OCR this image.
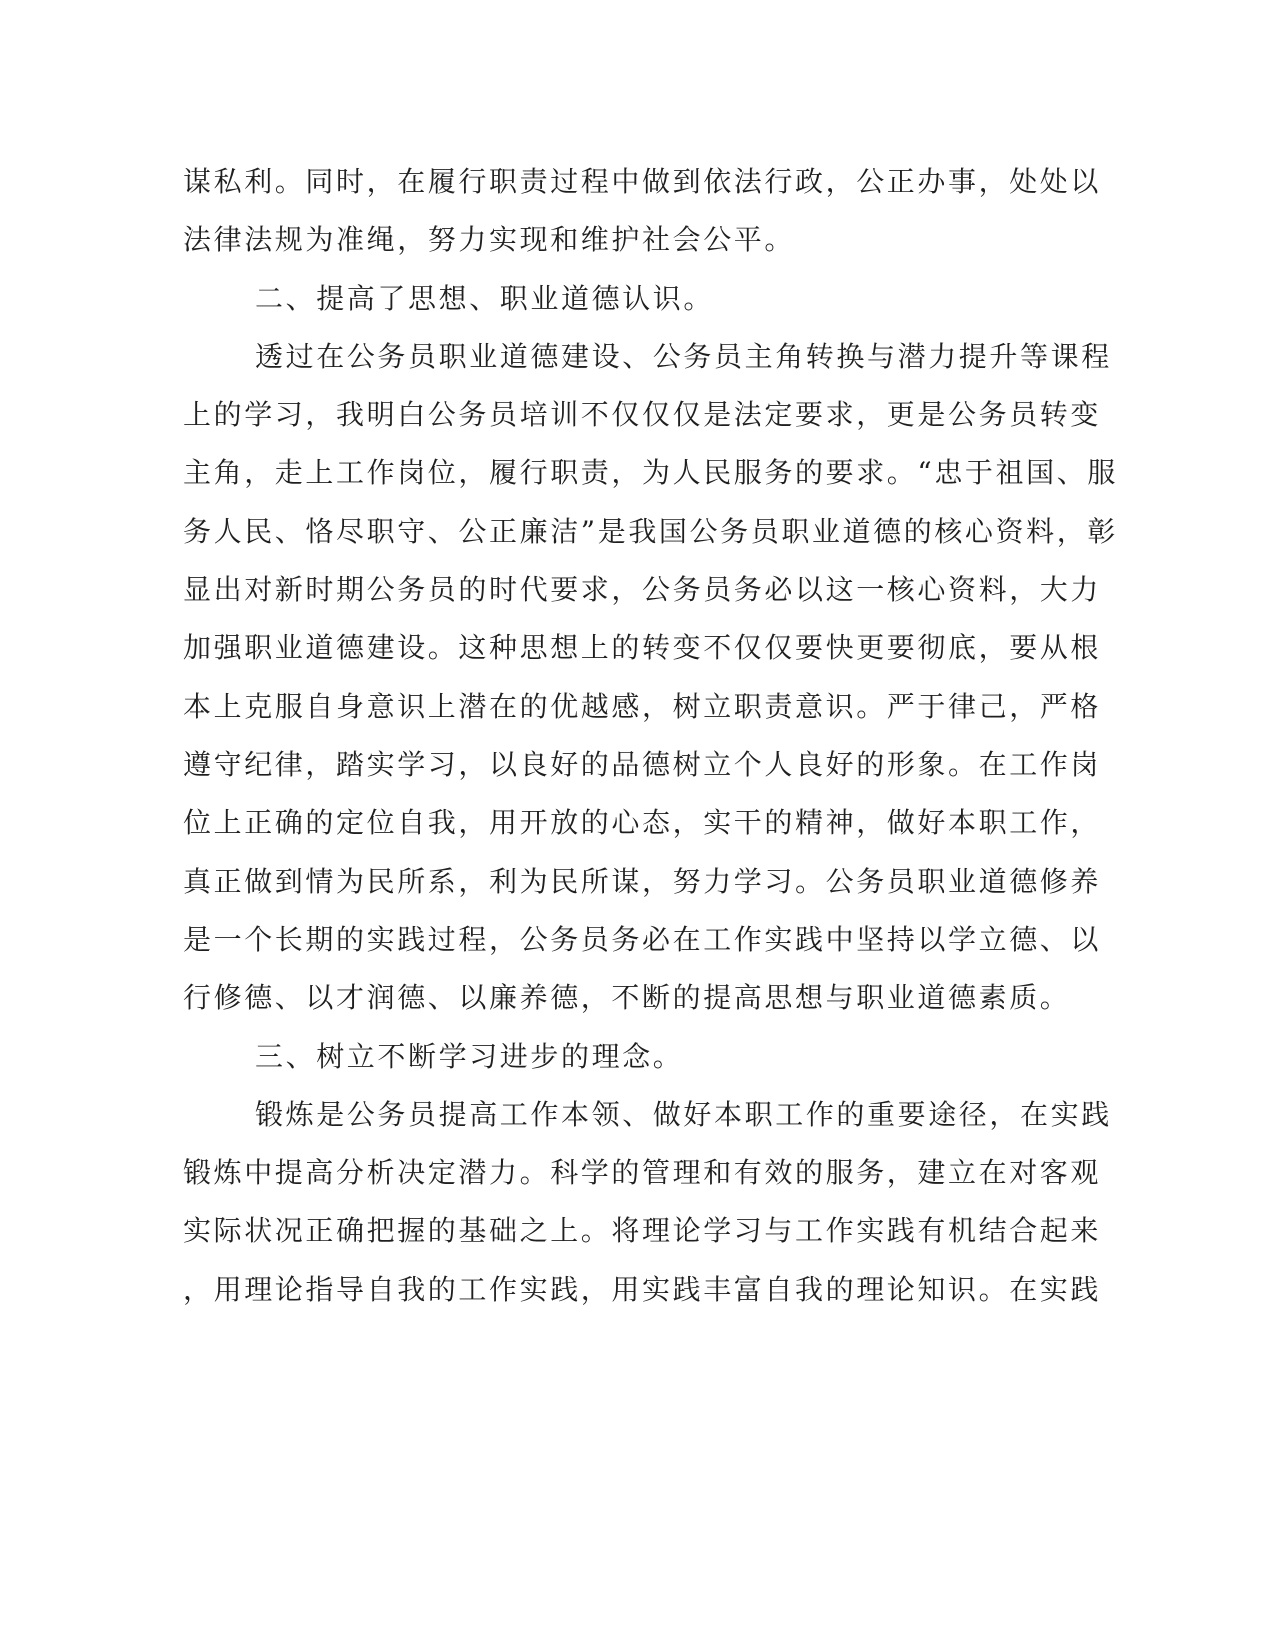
谋私利。同时，在履行职责过程中做到依法行政，公正办事，处处以
法律法规为准绳，努力实现和维护社会公平。
二、提高了思想、职业道德认识。
透过在公务员职业道德建设、公务员主角转换与潜力提升等课程
上的学习，我明白公务员培训不仅仅仅是法定要求，更是公务员转变
主角，走上工作岗位，履行职责，为人民服务的要求。“忠于祖国、服
务人民、恪尽职守、公正廉洁”是我国公务员职业道德的核心资料，彰
显出对新时期公务员的时代要求，公务员务必以这一核心资料，大力
加强职业道德建设。这种思想上的转变不仅仅要快更要彻底，要从根
本上克服自身意识上潜在的优越感，树立职责意识。严于律己，严格
遵守纪律，踏实学习，以良好的品德树立个人良好的形象。在工作岗
位上正确的定位自我，用开放的心态，实干的精神，做好本职工作，
真正做到情为民所系，利为民所谋，努力学习。公务员职业道德修养
是一个长期的实践过程，公务员务必在工作实践中坚持以学立德、以
行修德、以才润德、以廉养德，不断的提高思想与职业道德素质。
三、树立不断学习进步的理念。
锻炼是公务员提高工作本领、做好本职工作的重要途径，在实践
锻炼中提高分析决定潜力。科学的管理和有效的服务，建立在对客观
实际状况正确把握的基础之上。将理论学习与工作实践有机结合起来
，用理论指导自我的工作实践，用实践丰富自我的理论知识。在实践
